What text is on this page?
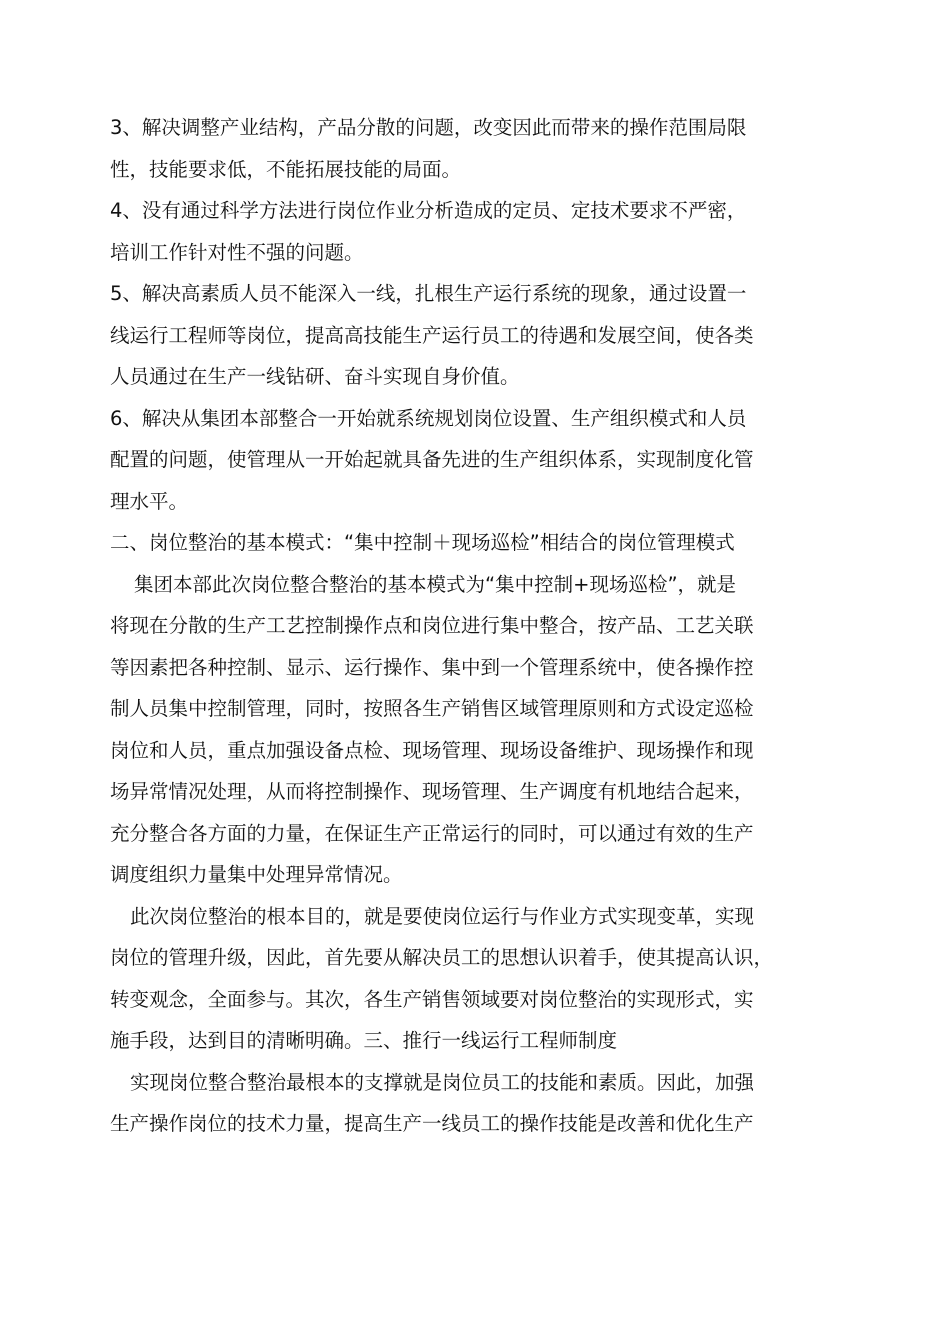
3、解决调整产业结构，产品分散的问题，改变因此而带来的操作范围局限
性，技能要求低，不能拓展技能的局面。
4、没有通过科学方法进行岗位作业分析造成的定员、定技术要求不严密，
培训工作针对性不强的问题。
5、解决高素质人员不能深入一线，扎根生产运行系统的现象，通过设置一
线运行工程师等岗位，提高高技能生产运行员工的待遇和发展空间，使各类
人员通过在生产一线钻研、奋斗实现自身价值。
6、解决从集团本部整合一开始就系统规划岗位设置、生产组织模式和人员
配置的问题，使管理从一开始起就具备先进的生产组织体系，实现制度化管
理水平。
二、岗位整治的基本模式：“集中控制＋现场巡检”相结合的岗位管理模式
集团本部此次岗位整合整治的基本模式为“集中控制+现场巡检”，就是
将现在分散的生产工艺控制操作点和岗位进行集中整合，按产品、工艺关联
等因素把各种控制、显示、运行操作、集中到一个管理系统中，使各操作控
制人员集中控制管理，同时，按照各生产销售区域管理原则和方式设定巡检
岗位和人员，重点加强设备点检、现场管理、现场设备维护、现场操作和现
场异常情况处理，从而将控制操作、现场管理、生产调度有机地结合起来，
充分整合各方面的力量，在保证生产正常运行的同时，可以通过有效的生产
调度组织力量集中处理异常情况。
此次岗位整治的根本目的，就是要使岗位运行与作业方式实现变革，实现
岗位的管理升级，因此，首先要从解决员工的思想认识着手，使其提高认识，
转变观念，全面参与。其次，各生产销售领域要对岗位整治的实现形式，实
施手段，达到目的清晰明确。三、推行一线运行工程师制度
实现岗位整合整治最根本的支撑就是岗位员工的技能和素质。因此，加强
生产操作岗位的技术力量，提高生产一线员工的操作技能是改善和优化生产
